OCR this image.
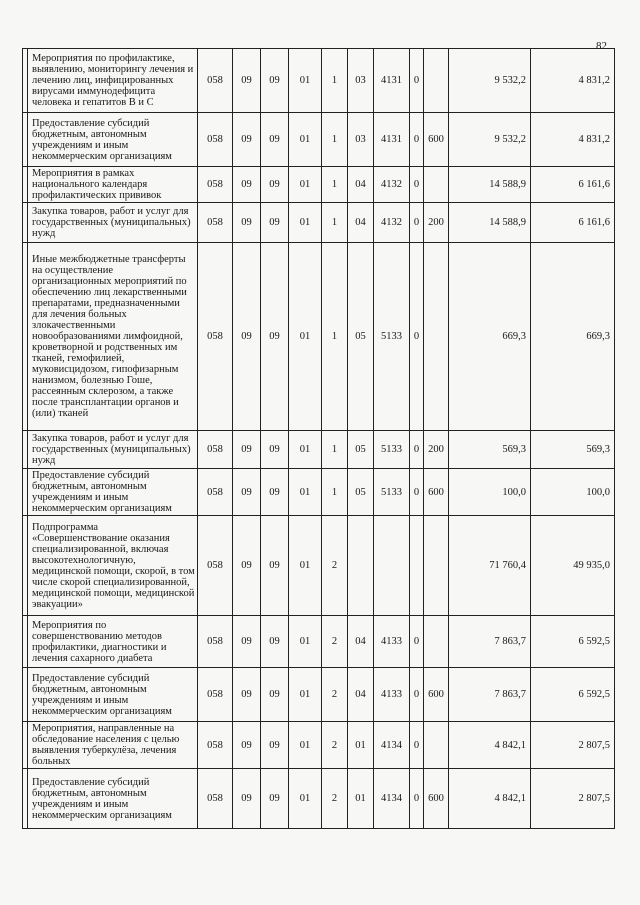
82
	Мероприятия по профилактике, выявлению, мониторингу лечения и лечению лиц, инфицированных вирусами иммунодефицита человека и гепатитов В и С	058	09	09	01	1	03	4131	0		9 532,2	4 831,2
	Предоставление субсидий бюджетным, автономным учреждениям и иным некоммерческим организациям	058	09	09	01	1	03	4131	0	600	9 532,2	4 831,2
	Мероприятия в рамках национального календаря профилактических прививок	058	09	09	01	1	04	4132	0		14 588,9	6 161,6
	Закупка товаров, работ и услуг для государственных (муниципальных) нужд	058	09	09	01	1	04	4132	0	200	14 588,9	6 161,6
	Иные межбюджетные трансферты на осуществление организационных мероприятий по обеспечению лиц лекарственными препаратами, предназначенными для лечения больных злокачественными новообразованиями лимфоидной, кроветворной и родственных им тканей, гемофилией, муковисцидозом, гипофизарным нанизмом, болезнью Гоше, рассеянным склерозом, а также после трансплантации органов и (или) тканей	058	09	09	01	1	05	5133	0		669,3	669,3
	Закупка товаров, работ и услуг для государственных (муниципальных) нужд	058	09	09	01	1	05	5133	0	200	569,3	569,3
	Предоставление субсидий бюджетным, автономным учреждениям и иным некоммерческим организациям	058	09	09	01	1	05	5133	0	600	100,0	100,0
	Подпрограмма «Совершенствование оказания специализированной, включая высокотехнологичную, медицинской помощи, скорой, в том числе скорой специализированной, медицинской помощи, медицинской эвакуации»	058	09	09	01	2					71 760,4	49 935,0
	Мероприятия по совершенствованию методов профилактики, диагностики и лечения сахарного диабета	058	09	09	01	2	04	4133	0		7 863,7	6 592,5
	Предоставление субсидий бюджетным, автономным учреждениям и иным некоммерческим организациям	058	09	09	01	2	04	4133	0	600	7 863,7	6 592,5
	Мероприятия, направленные на обследование населения с целью выявления туберкулёза, лечения больных	058	09	09	01	2	01	4134	0		4 842,1	2 807,5
	Предоставление субсидий бюджетным, автономным учреждениям и иным некоммерческим организациям	058	09	09	01	2	01	4134	0	600	4 842,1	2 807,5
